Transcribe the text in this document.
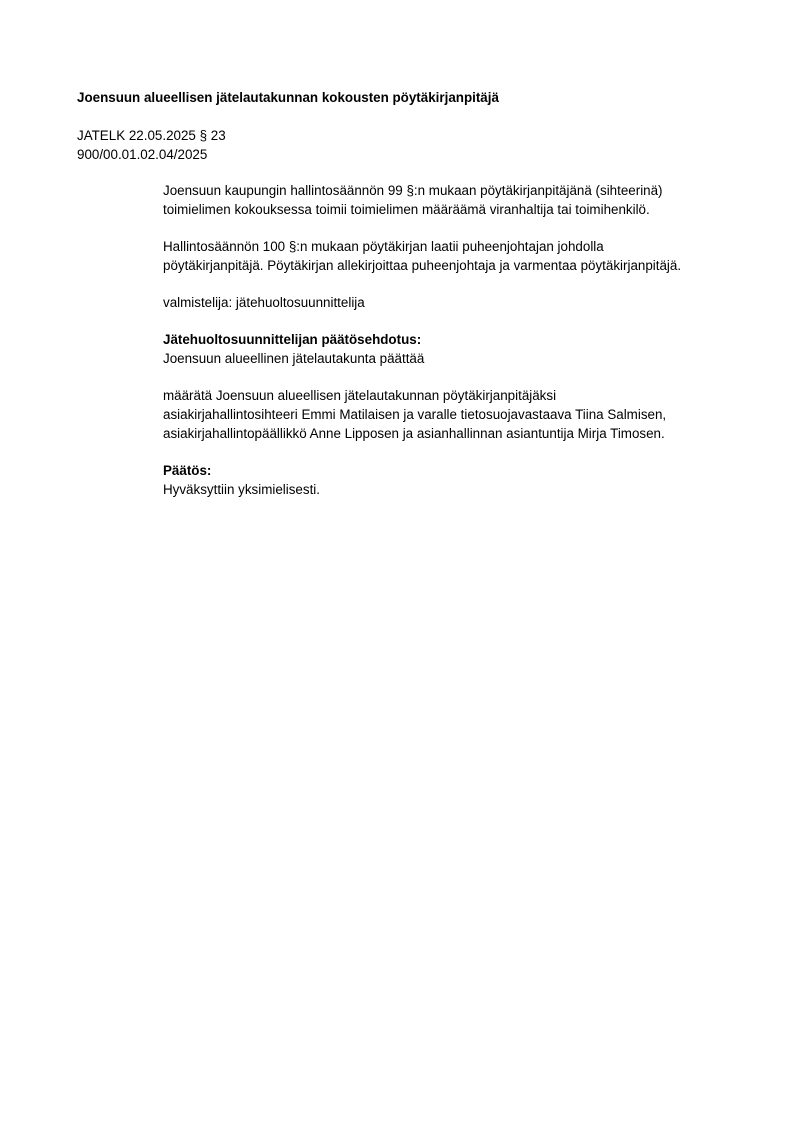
Joensuun alueellisen jätelautakunnan kokousten pöytäkirjanpitäjä
JATELK 22.05.2025 § 23
900/00.01.02.04/2025
Joensuun kaupungin hallintosäännön 99 §:n mukaan pöytäkirjanpitäjänä (sihteerinä)
toimielimen kokouksessa toimii toimielimen määräämä viranhaltija tai toimihenkilö.
Hallintosäännön 100 §:n mukaan pöytäkirjan laatii puheenjohtajan johdolla
pöytäkirjanpitäjä. Pöytäkirjan allekirjoittaa puheenjohtaja ja varmentaa pöytäkirjanpitäjä.
valmistelija: jätehuoltosuunnittelija
Jätehuoltosuunnittelijan päätösehdotus:
Joensuun alueellinen jätelautakunta päättää
määrätä Joensuun alueellisen jätelautakunnan pöytäkirjanpitäjäksi
asiakirjahallintosihteeri Emmi Matilaisen ja varalle tietosuojavastaava Tiina Salmisen,
asiakirjahallintopäällikkö Anne Lipposen ja asianhallinnan asiantuntija Mirja Timosen.
Päätös:
Hyväksyttiin yksimielisesti.
